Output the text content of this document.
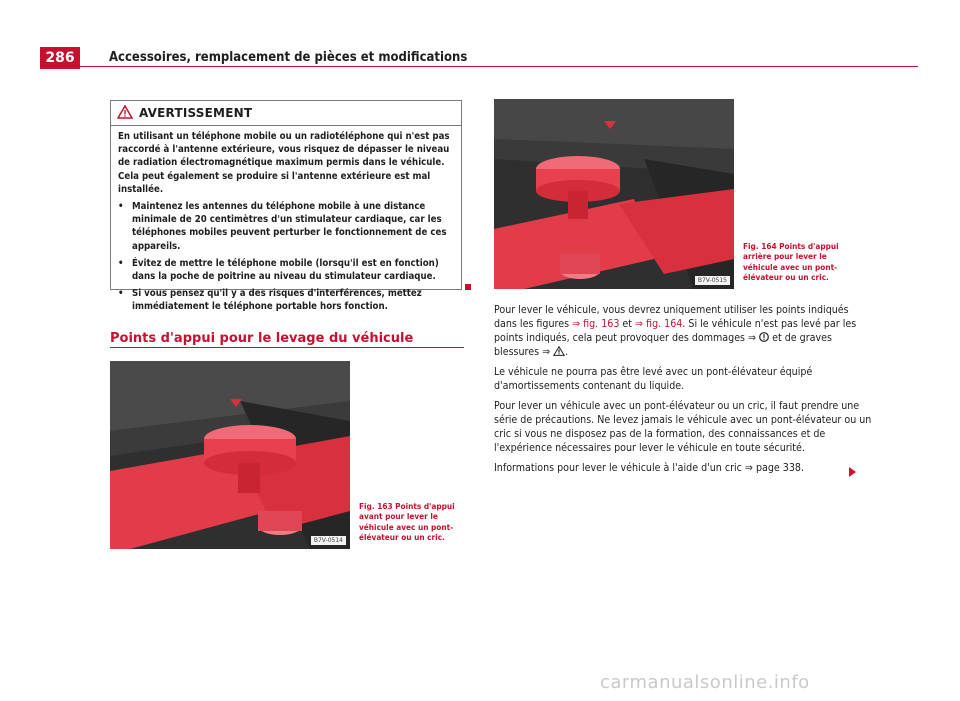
286	Accessoires, remplacement de pièces et modifications
AVERTISSEMENT

En utilisant un téléphone mobile ou un radiotéléphone qui n'est pas raccordé à l'antenne extérieure, vous risquez de dépasser le niveau de radiation électromagnétique maximum permis dans le véhicule. Cela peut également se produire si l'antenne extérieure est mal installée.

• Maintenez les antennes du téléphone mobile à une distance minimale de 20 centimètres d'un stimulateur cardiaque, car les téléphones mobiles peuvent perturber le fonctionnement de ces appareils.
• Évitez de mettre le téléphone mobile (lorsqu'il est en fonction) dans la poche de poitrine au niveau du stimulateur cardiaque.
• Si vous pensez qu'il y a des risques d'interférences, mettez immédiatement le téléphone portable hors fonction.
Points d'appui pour le levage du véhicule
B7V-0514
Fig. 163 Points d'appui avant pour lever le véhicule avec un pont-élévateur ou un cric.
B7V-0515
Fig. 164 Points d'appui arrière pour lever le véhicule avec un pont-élévateur ou un cric.

Pour lever le véhicule, vous devrez uniquement utiliser les points indiqués dans les figures ⇒ fig. 163 et ⇒ fig. 164. Si le véhicule n'est pas levé par les points indiqués, cela peut provoquer des dommages ⇒  et de graves blessures ⇒ .

Le véhicule ne pourra pas être levé avec un pont-élévateur équipé d'amortissements contenant du liquide.

Pour lever un véhicule avec un pont-élévateur ou un cric, il faut prendre une série de précautions. Ne levez jamais le véhicule avec un pont-élévateur ou un cric si vous ne disposez pas de la formation, des connaissances et de l'expérience nécessaires pour lever le véhicule en toute sécurité.

Informations pour lever le véhicule à l'aide d'un cric ⇒ page 338.

carmanualsonline.info
